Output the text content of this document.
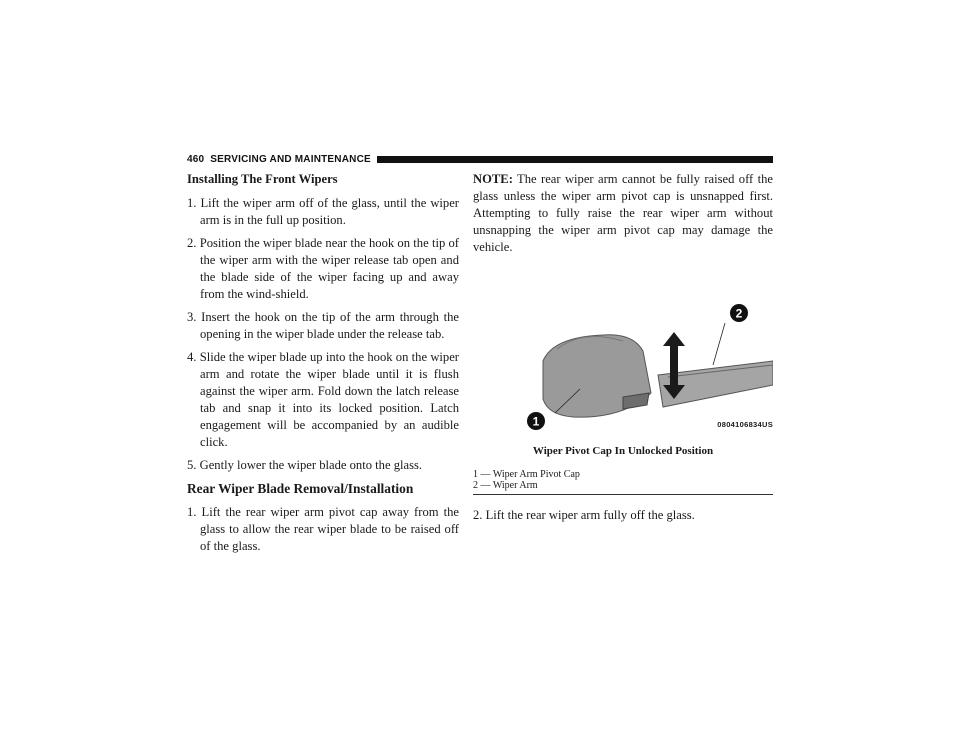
460 SERVICING AND MAINTENANCE
Installing The Front Wipers
1. Lift the wiper arm off of the glass, until the wiper arm is in the full up position.
2. Position the wiper blade near the hook on the tip of the wiper arm with the wiper release tab open and the blade side of the wiper facing up and away from the wind-shield.
3. Insert the hook on the tip of the arm through the opening in the wiper blade under the release tab.
4. Slide the wiper blade up into the hook on the wiper arm and rotate the wiper blade until it is flush against the wiper arm. Fold down the latch release tab and snap it into its locked position. Latch engagement will be accompanied by an audible click.
5. Gently lower the wiper blade onto the glass.
Rear Wiper Blade Removal/Installation
1. Lift the rear wiper arm pivot cap away from the glass to allow the rear wiper blade to be raised off of the glass.

NOTE: The rear wiper arm cannot be fully raised off the glass unless the wiper arm pivot cap is unsnapped first. Attempting to fully raise the rear wiper arm without unsnapping the wiper arm pivot cap may damage the vehicle.

1
2
0804106834US
Wiper Pivot Cap In Unlocked Position
1 — Wiper Arm Pivot Cap
2 — Wiper Arm

2. Lift the rear wiper arm fully off the glass.
